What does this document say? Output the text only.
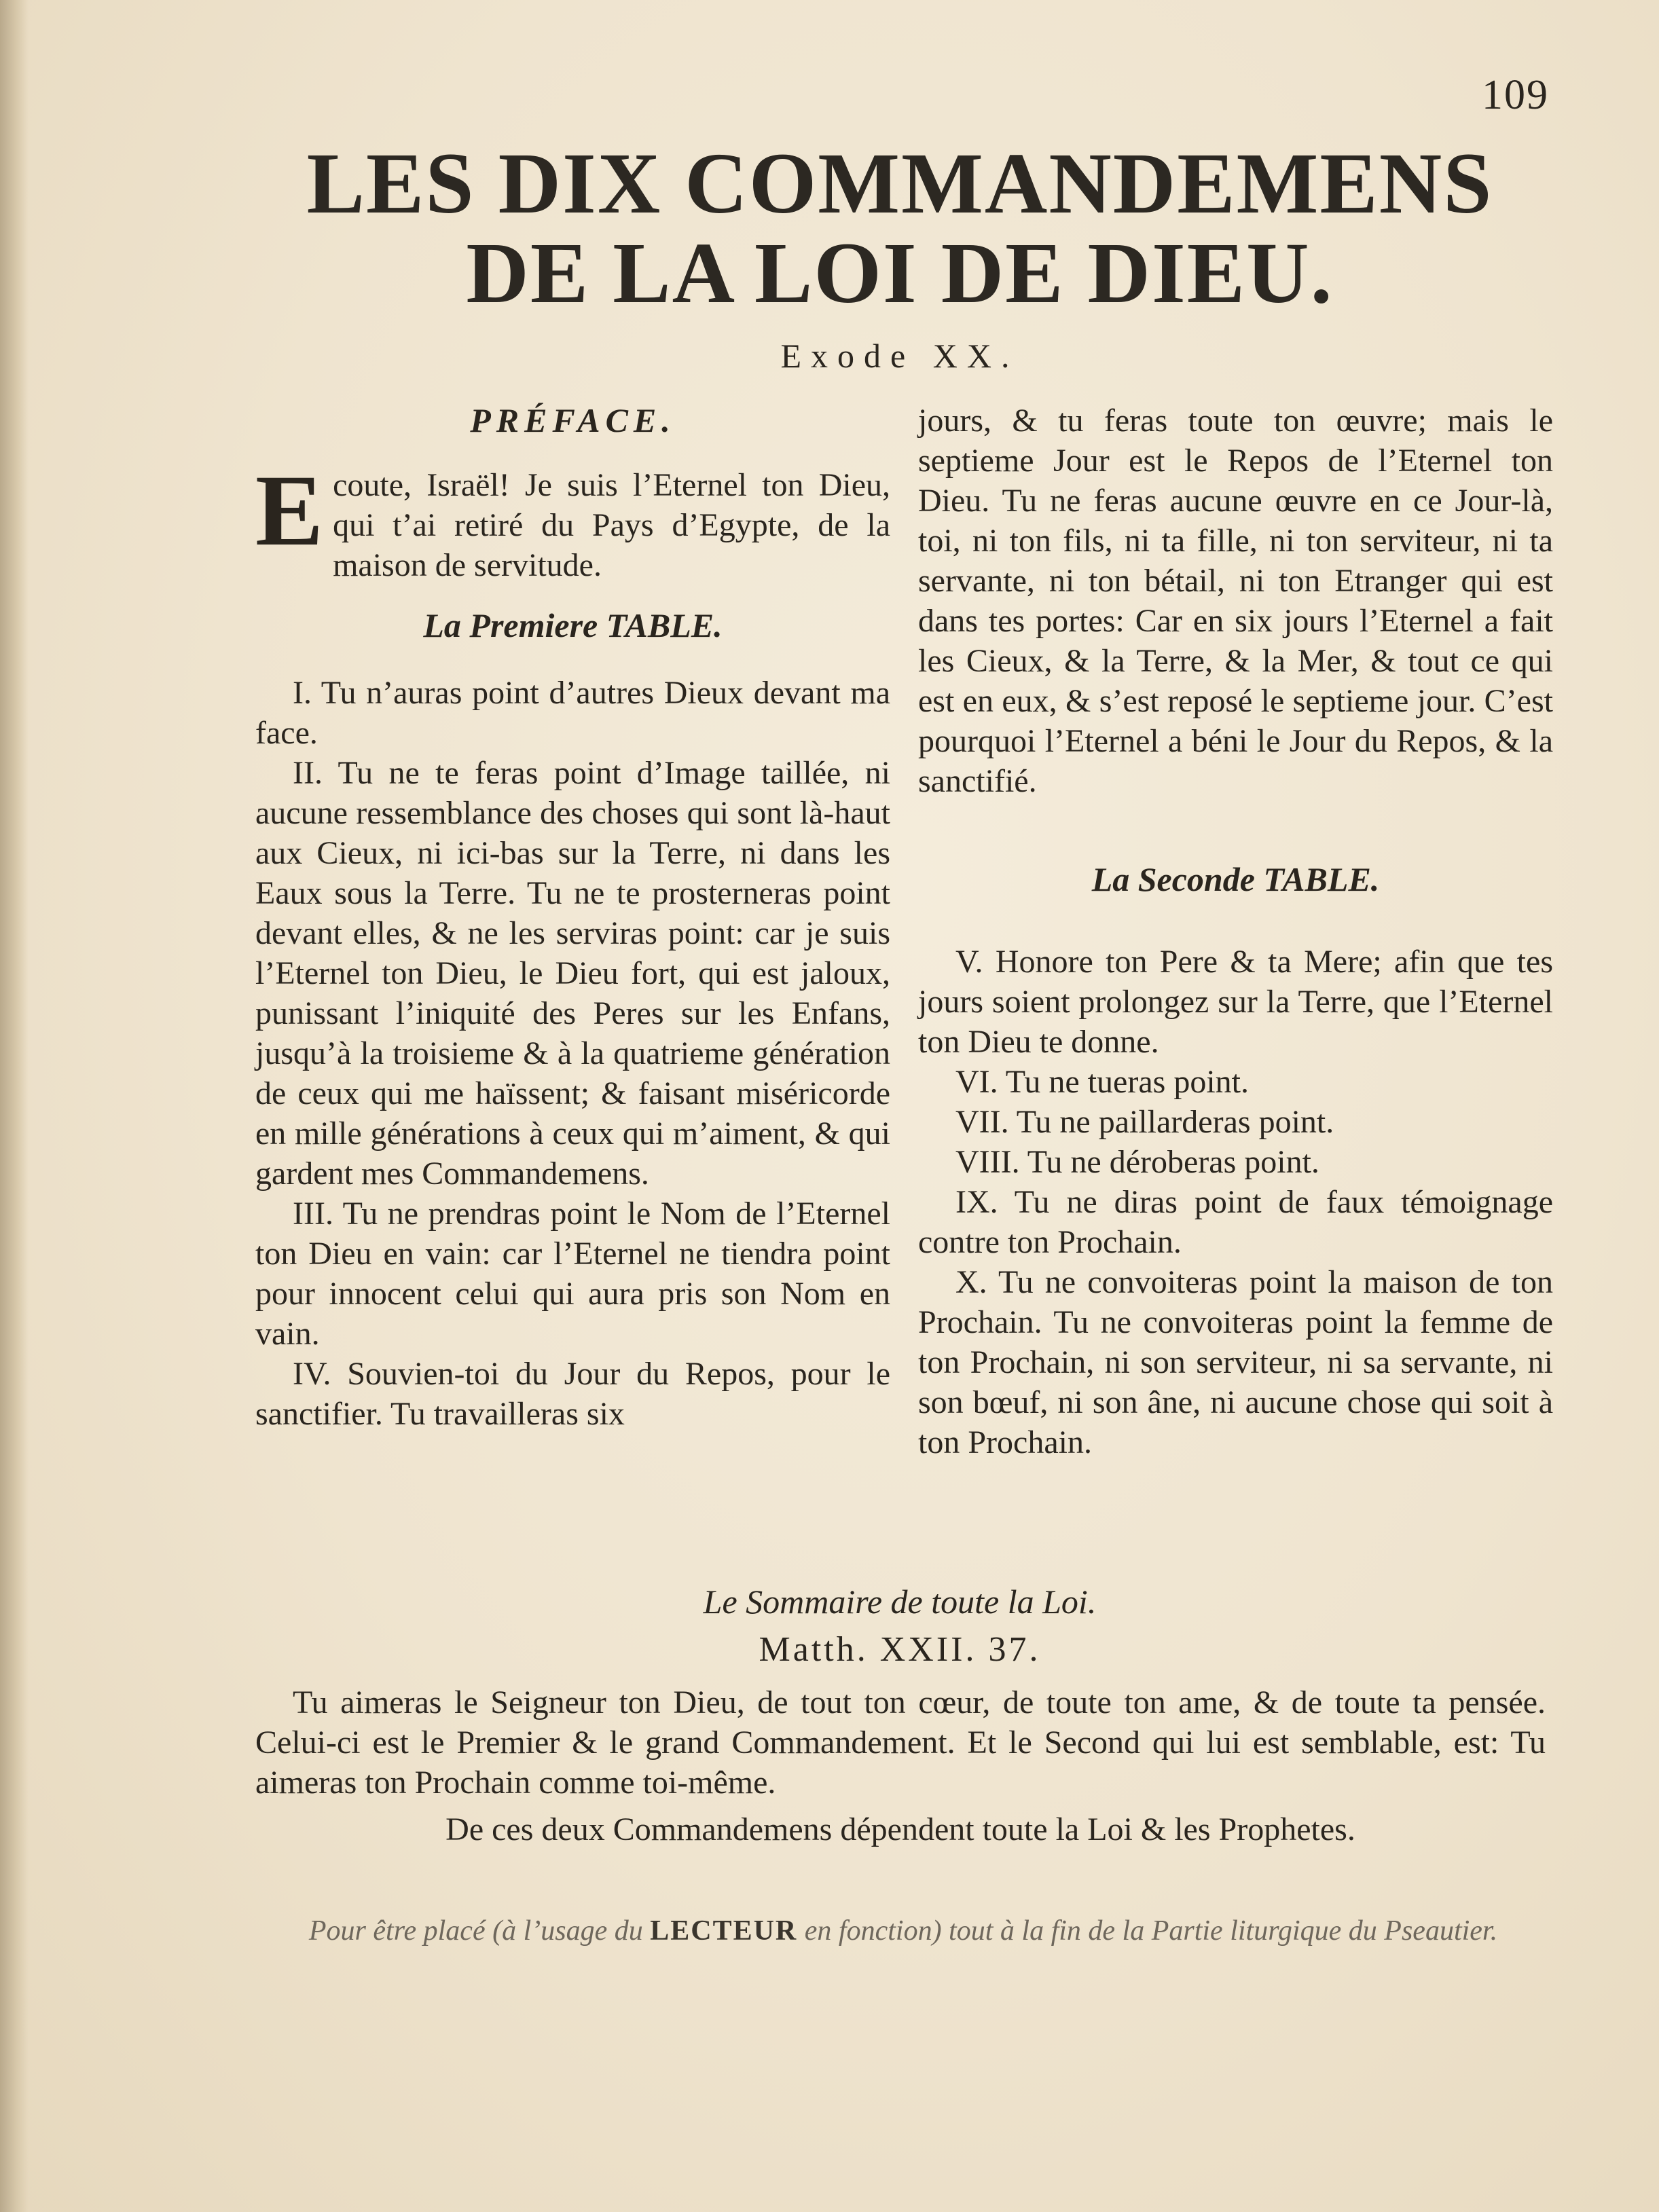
109
LES DIX COMMANDEMENS
DE LA LOI DE DIEU.
Exode XX.
PRÉFACE.

Ecoute, Israël! Je suis l’Eternel ton Dieu, qui t’ai retiré du Pays d’Egypte, de la maison de servitude.

La Premiere TABLE.

I. Tu n’auras point d’autres Dieux devant ma face.

II. Tu ne te feras point d’Image taillée, ni aucune ressemblance des choses qui sont là-haut aux Cieux, ni ici-bas sur la Terre, ni dans les Eaux sous la Terre. Tu ne te prosterneras point devant elles, & ne les serviras point: car je suis l’Eternel ton Dieu, le Dieu fort, qui est jaloux, punissant l’iniquité des Peres sur les Enfans, jusqu’à la troisieme & à la quatrieme génération de ceux qui me haïssent; & faisant miséricorde en mille générations à ceux qui m’aiment, & qui gardent mes Commandemens.

III. Tu ne prendras point le Nom de l’Eternel ton Dieu en vain: car l’Eternel ne tiendra point pour innocent celui qui aura pris son Nom en vain.

IV. Souvien-toi du Jour du Repos, pour le sanctifier. Tu travailleras six

jours, & tu feras toute ton œuvre; mais le septieme Jour est le Repos de l’Eternel ton Dieu. Tu ne feras aucune œuvre en ce Jour-là, toi, ni ton fils, ni ta fille, ni ton serviteur, ni ta servante, ni ton bétail, ni ton Etranger qui est dans tes portes: Car en six jours l’Eternel a fait les Cieux, & la Terre, & la Mer, & tout ce qui est en eux, & s’est reposé le septieme jour. C’est pourquoi l’Eternel a béni le Jour du Repos, & la sanctifié.

La Seconde TABLE.

V. Honore ton Pere & ta Mere; afin que tes jours soient prolongez sur la Terre, que l’Eternel ton Dieu te donne.

VI. Tu ne tueras point.

VII. Tu ne paillarderas point.

VIII. Tu ne déroberas point.

IX. Tu ne diras point de faux témoignage contre ton Prochain.

X. Tu ne convoiteras point la maison de ton Prochain. Tu ne convoiteras point la femme de ton Prochain, ni son serviteur, ni sa servante, ni son bœuf, ni son âne, ni aucune chose qui soit à ton Prochain.

Le Sommaire de toute la Loi.
Matth. XXII. 37.

Tu aimeras le Seigneur ton Dieu, de tout ton cœur, de toute ton ame, & de toute ta pensée. Celui-ci est le Premier & le grand Commandement. Et le Second qui lui est semblable, est: Tu aimeras ton Prochain comme toi-même.

De ces deux Commandemens dépendent toute la Loi & les Prophetes.

Pour être placé (à l’usage du LECTEUR en fonction) tout à la fin de la Partie liturgique du Pseautier.
